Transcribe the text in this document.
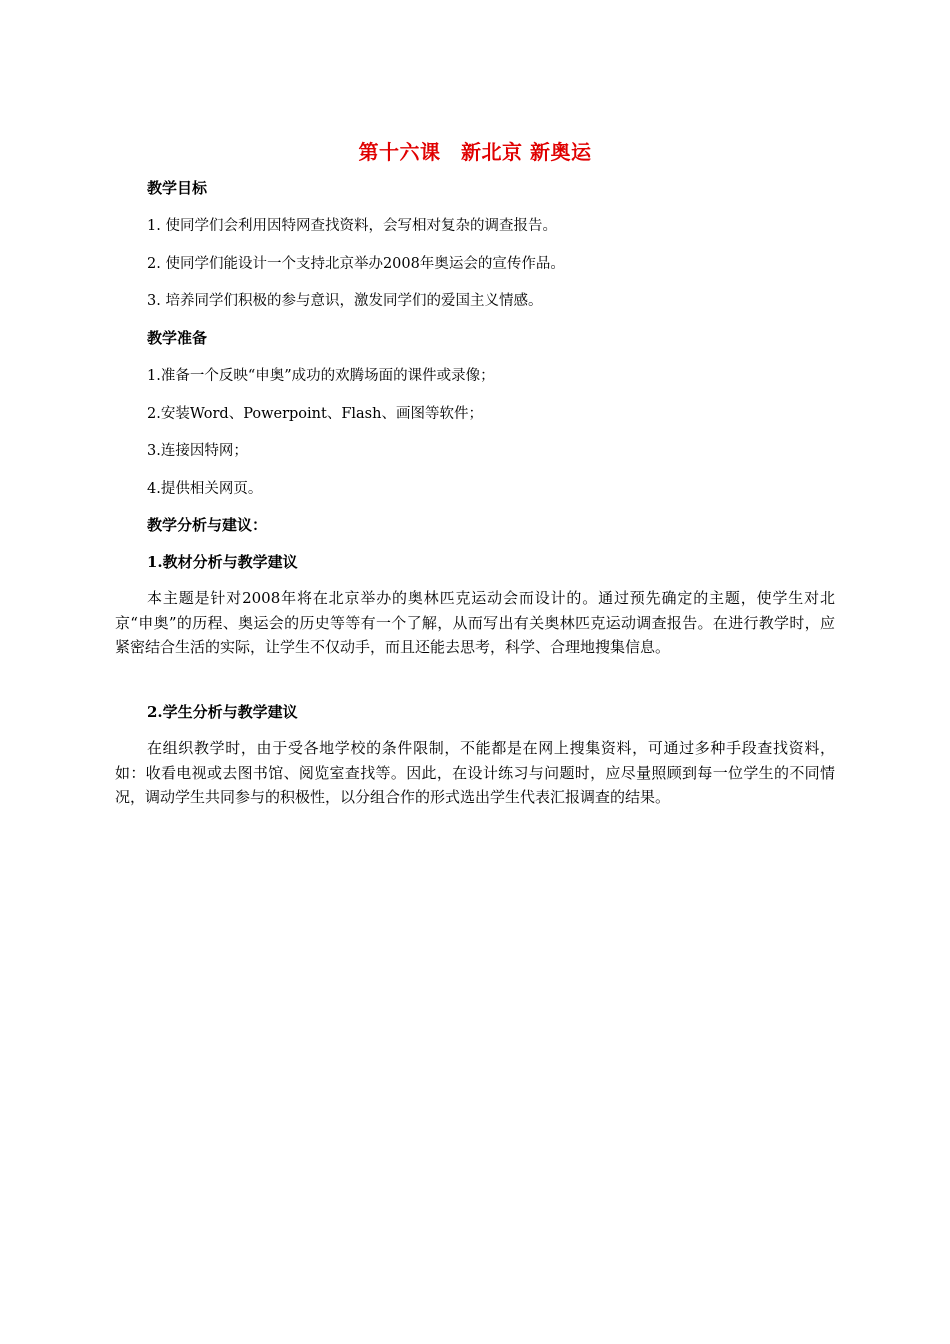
第十六课　新北京 新奥运
教学目标
1. 使同学们会利用因特网查找资料，会写相对复杂的调查报告。
2. 使同学们能设计一个支持北京举办2008年奥运会的宣传作品。
3. 培养同学们积极的参与意识，激发同学们的爱国主义情感。
教学准备
1.准备一个反映“申奥”成功的欢腾场面的课件或录像；
2.安装Word、Powerpoint、Flash、画图等软件；
3.连接因特网；
4.提供相关网页。
教学分析与建议：
1.教材分析与教学建议

本主题是针对2008年将在北京举办的奥林匹克运动会而设计的。通过预先确定的主题，使学生对北京“申奥”的历程、奥运会的历史等等有一个了解，从而写出有关奥林匹克运动调查报告。在进行教学时，应紧密结合生活的实际，让学生不仅动手，而且还能去思考，科学、合理地搜集信息。

2.学生分析与教学建议

在组织教学时，由于受各地学校的条件限制，不能都是在网上搜集资料，可通过多种手段查找资料，如：收看电视或去图书馆、阅览室查找等。因此，在设计练习与问题时，应尽量照顾到每一位学生的不同情况，调动学生共同参与的积极性，以分组合作的形式选出学生代表汇报调查的结果。
